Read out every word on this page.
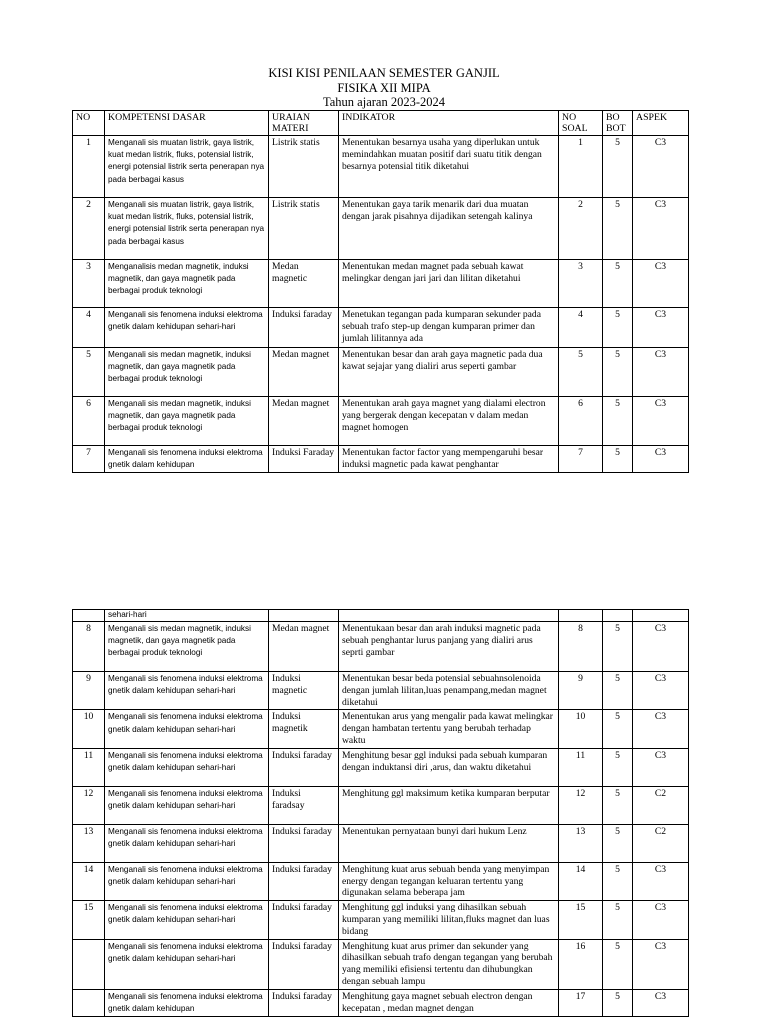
KISI KISI PENILAAN SEMESTER GANJIL
FISIKA XII MIPA
Tahun ajaran 2023-2024
NO	KOMPETENSI DASAR	URAIAN MATERI	INDIKATOR	NO SOAL	BO BOT	ASPEK
1	Menganali sis muatan listrik, gaya listrik, kuat medan listrik, fluks, potensial listrik, energi potensial listrik serta penerapan nya pada berbagai kasus	Listrik statis	Menentukan besarnya usaha yang diperlukan untuk memindahkan muatan positif dari suatu titik dengan besarnya potensial titik diketahui	1	5	C3
2	Menganali sis muatan listrik, gaya listrik, kuat medan listrik, fluks, potensial listrik, energi potensial listrik serta penerapan nya pada berbagai kasus	Listrik statis	Menentukan gaya tarik menarik dari dua muatan dengan jarak pisahnya dijadikan setengah kalinya	2	5	C3
3	Menganalisis medan magnetik, induksi magnetik, dan gaya magnetik pada berbagai produk teknologi	Medan magnetic	Menentukan medan magnet pada sebuah kawat melingkar dengan jari jari dan lilitan diketahui	3	5	C3
4	Menganali sis fenomena induksi elektroma gnetik dalam kehidupan sehari-hari	Induksi faraday	Menetukan tegangan pada kumparan sekunder pada sebuah trafo step-up dengan kumparan primer dan jumlah lilitannya ada	4	5	C3
5	Menganali sis medan magnetik, induksi magnetik, dan gaya magnetik pada berbagai produk teknologi	Medan magnet	Menentukan besar dan arah gaya magnetic pada dua kawat sejajar yang dialiri arus seperti gambar	5	5	C3
6	Menganali sis medan magnetik, induksi magnetik, dan gaya magnetik pada berbagai produk teknologi	Medan magnet	Menentukan arah gaya magnet yang dialami electron yang bergerak dengan kecepatan v dalam medan magnet homogen	6	5	C3
7	Menganali sis fenomena induksi elektroma gnetik dalam kehidupan	Induksi Faraday	Menentukan factor factor yang mempengaruhi besar induksi magnetic pada kawat penghantar	7	5	C3
	sehari-hari					
8	Menganali sis medan magnetik, induksi magnetik, dan gaya magnetik pada berbagai produk teknologi	Medan magnet	Menentukaan besar dan arah induksi magnetic pada sebuah penghantar lurus panjang yang dialiri arus seprti gambar	8	5	C3
9	Menganali sis fenomena induksi elektroma gnetik dalam kehidupan sehari-hari	Induksi magnetic	Menentukan besar beda potensial sebuahnsolenoida dengan jumlah lilitan,luas penampang,medan magnet diketahui	9	5	C3
10	Menganali sis fenomena induksi elektroma gnetik dalam kehidupan sehari-hari	Induksi magnetik	Menentukan arus yang mengalir pada kawat melingkar dengan hambatan tertentu yang berubah terhadap waktu	10	5	C3
11	Menganali sis fenomena induksi elektroma gnetik dalam kehidupan sehari-hari	Induksi faraday	Menghitung besar ggl induksi pada sebuah kumparan dengan induktansi diri ,arus, dan waktu diketahui	11	5	C3
12	Menganali sis fenomena induksi elektroma gnetik dalam kehidupan sehari-hari	Induksi faradsay	Menghitung ggl maksimum ketika kumparan berputar	12	5	C2
13	Menganali sis fenomena induksi elektroma gnetik dalam kehidupan sehari-hari	Induksi faraday	Menentukan pernyataan bunyi dari hukum Lenz	13	5	C2
14	Menganali sis fenomena induksi elektroma gnetik dalam kehidupan sehari-hari	Induksi faraday	Menghitung kuat arus sebuah benda yang menyimpan energy dengan tegangan keluaran tertentu yang digunakan selama beberapa jam	14	5	C3
15	Menganali sis fenomena induksi elektroma gnetik dalam kehidupan sehari-hari	Induksi faraday	Menghitung ggl induksi yang dihasilkan sebuah kumparan yang memiliki lilitan,fluks magnet dan luas bidang	15	5	C3
	Menganali sis fenomena induksi elektroma gnetik dalam kehidupan sehari-hari	Induksi faraday	Menghitung kuat arus primer dan sekunder yang dihasilkan sebuah trafo dengan tegangan yang berubah yang memiliki efisiensi tertentu dan dihubungkan dengan sebuah lampu	16	5	C3
	Menganali sis fenomena induksi elektroma gnetik dalam kehidupan	Induksi faraday	Menghitung gaya magnet sebuah electron dengan kecepatan , medan magnet dengan	17	5	C3
